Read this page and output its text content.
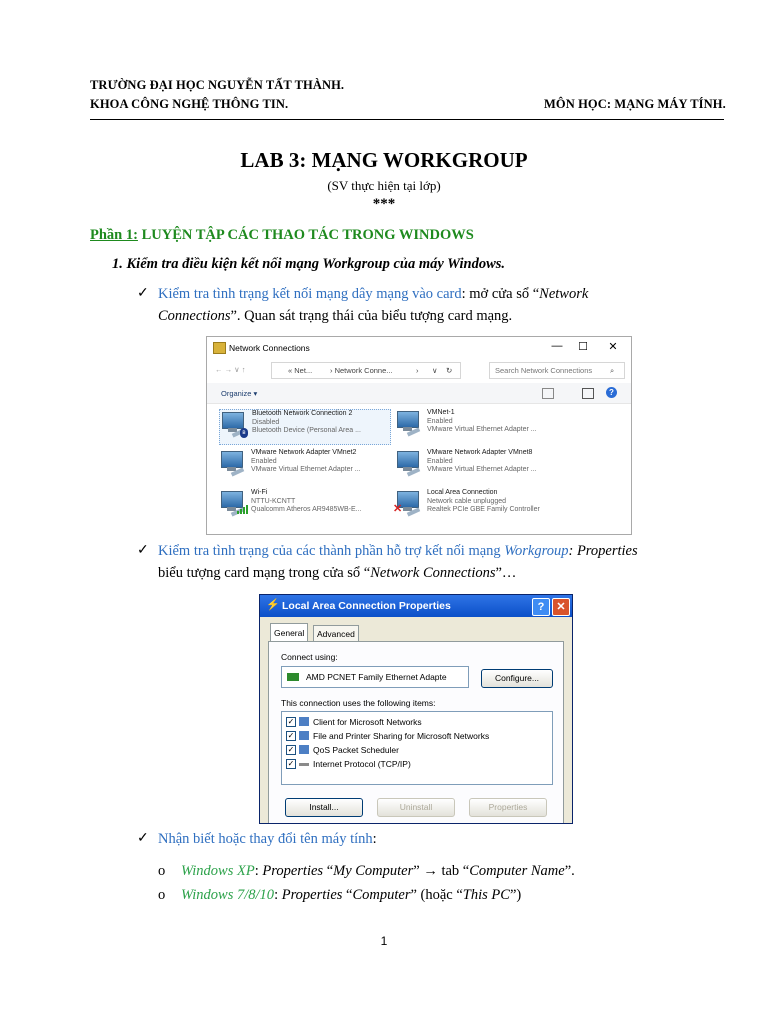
TRƯỜNG ĐẠI HỌC NGUYỄN TẤT THÀNH.
KHOA CÔNG NGHỆ THÔNG TIN.	MÔN HỌC: MẠNG MÁY TÍNH.
LAB 3: MẠNG WORKGROUP
(SV thực hiện tại lớp)
***
Phần 1: LUYỆN TẬP CÁC THAO TÁC TRONG WINDOWS
1. Kiểm tra điều kiện kết nối mạng Workgroup của máy Windows.
✓ Kiểm tra tình trạng kết nối mạng dây mạng vào card: mở cửa sổ “Network
Connections”. Quan sát trạng thái của biểu tượng card mạng.
Network Connections	—	☐	✕
← → ∨ ↑	« Net... › Network Conne...	› ∨ ↻	Search Network Connections ⌕
Organize ▾	?
ʙ
Bluetooth Network Connection 2
Disabled
Bluetooth Device (Personal Area ...
VMNet-1
Enabled
VMware Virtual Ethernet Adapter ...
VMware Network Adapter VMnet2
Enabled
VMware Virtual Ethernet Adapter ...
VMware Network Adapter VMnet8
Enabled
VMware Virtual Ethernet Adapter ...
Wi-Fi
NTTU-KCNTT
Qualcomm Atheros AR9485WB-E...	✕
Local Area Connection
Network cable unplugged
Realtek PCIe GBE Family Controller
✓ Kiểm tra tình trạng của các thành phần hỗ trợ kết nối mạng Workgroup: Properties
biểu tượng card mạng trong cửa sổ “Network Connections”…
⚡ Local Area Connection Properties	?	✕
General	Advanced
Connect using:
AMD PCNET Family Ethernet Adapte	Configure...
This connection uses the following items:
✓ Client for Microsoft Networks
✓ File and Printer Sharing for Microsoft Networks
✓ QoS Packet Scheduler
✓ Internet Protocol (TCP/IP)
Install...	Uninstall	Properties
✓ Nhận biết hoặc thay đổi tên máy tính:
o Windows XP: Properties “My Computer” → tab “Computer Name”.
o Windows 7/8/10: Properties “Computer” (hoặc “This PC”)
1
